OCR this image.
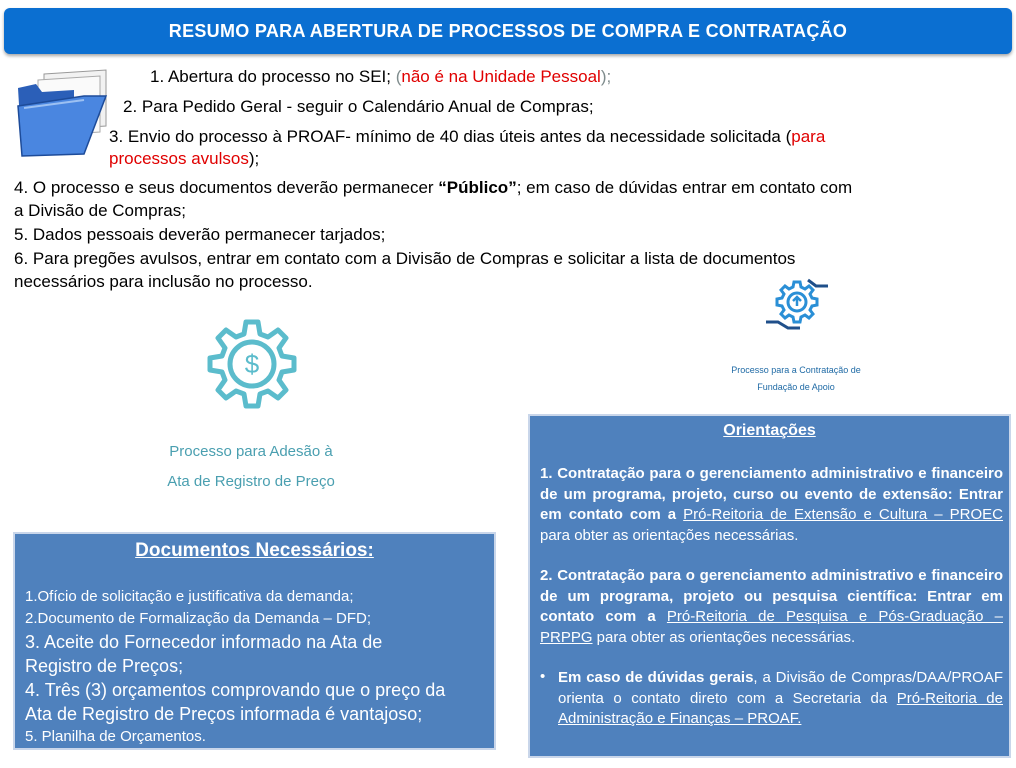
RESUMO PARA ABERTURA DE PROCESSOS DE COMPRA E CONTRATAÇÃO
1. Abertura do processo no SEI; (não é na Unidade Pessoal);
2. Para Pedido Geral - seguir o Calendário Anual de Compras;
3. Envio do processo à PROAF- mínimo de 40 dias úteis antes da necessidade solicitada (para
processos avulsos);
4. O processo e seus documentos deverão permanecer “Público”; em caso de dúvidas entrar em contato com
a Divisão de Compras;
5. Dados pessoais deverão permanecer tarjados;
6. Para pregões avulsos, entrar em contato com a Divisão de Compras e solicitar a lista de documentos
necessários para inclusão no processo.
$
Processo para Adesão à
Ata de Registro de Preço
Processo para a Contratação de
Fundação de Apoio
Documentos Necessários:
1.Ofício de solicitação e justificativa da demanda;
2.Documento de Formalização da Demanda – DFD;
3. Aceite do Fornecedor informado na Ata de
Registro de Preços;
4. Três (3) orçamentos comprovando que o preço da
Ata de Registro de Preços informada é vantajoso;
5. Planilha de Orçamentos.
Orientações
1. Contratação para o gerenciamento administrativo e financeiro de um programa, projeto, curso ou evento de extensão: Entrar em contato com a Pró-Reitoria de Extensão e Cultura – PROEC para obter as orientações necessárias.
2. Contratação para o gerenciamento administrativo e financeiro de um programa, projeto ou pesquisa científica: Entrar em contato com a Pró-Reitoria de Pesquisa e Pós-Graduação – PRPPG para obter as orientações necessárias.
• Em caso de dúvidas gerais, a Divisão de Compras/DAA/PROAF orienta o contato direto com a Secretaria da Pró-Reitoria de Administração e Finanças – PROAF.
